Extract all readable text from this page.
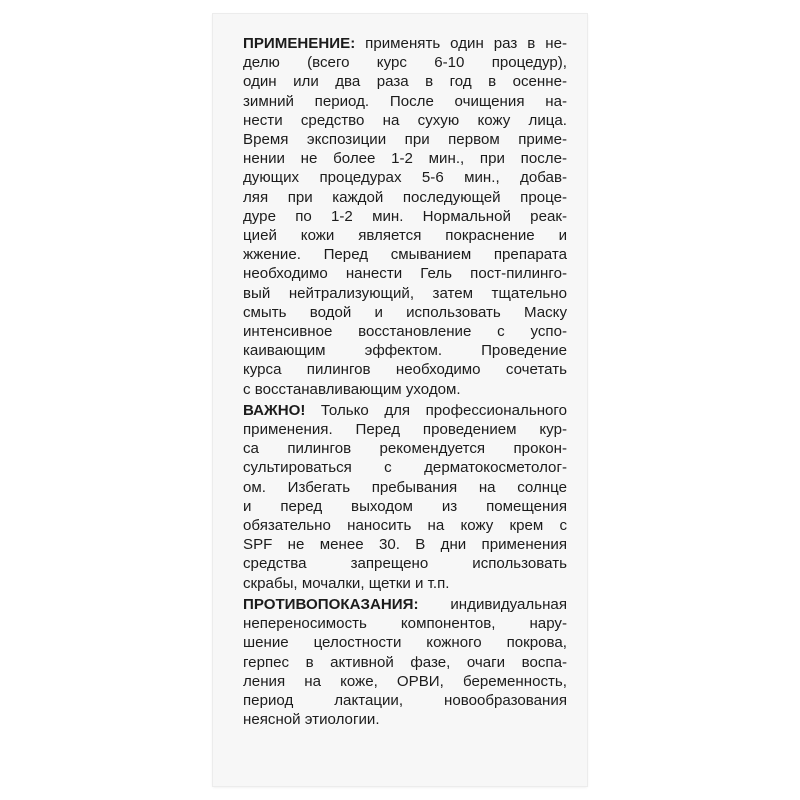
ПРИМЕНЕНИЕ: применять один раз в не-
делю (всего курс 6-10 процедур),
один или два раза в год в осенне-
зимний период. После очищения на-
нести средство на сухую кожу лица.
Время экспозиции при первом приме-
нении не более 1-2 мин., при после-
дующих процедурах 5-6 мин., добав-
ляя при каждой последующей проце-
дуре по 1-2 мин. Нормальной реак-
цией кожи является покраснение и
жжение. Перед смыванием препарата
необходимо нанести Гель пост-пилинго-
вый нейтрализующий, затем тщательно
смыть водой и использовать Маску
интенсивное восстановление с успо-
каивающим эффектом. Проведение
курса пилингов необходимо сочетать
с восстанавливающим уходом.
ВАЖНО! Только для профессионального
применения. Перед проведением кур-
са пилингов рекомендуется прокон-
сультироваться с дерматокосметолог-
ом. Избегать пребывания на солнце
и перед выходом из помещения
обязательно наносить на кожу крем с
SPF не менее 30. В дни применения
средства запрещено использовать
скрабы, мочалки, щетки и т.п.
ПРОТИВОПОКАЗАНИЯ: индивидуальная
непереносимость компонентов, нару-
шение целостности кожного покрова,
герпес в активной фазе, очаги воспа-
ления на коже, ОРВИ, беременность,
период лактации, новообразования
неясной этиологии.
